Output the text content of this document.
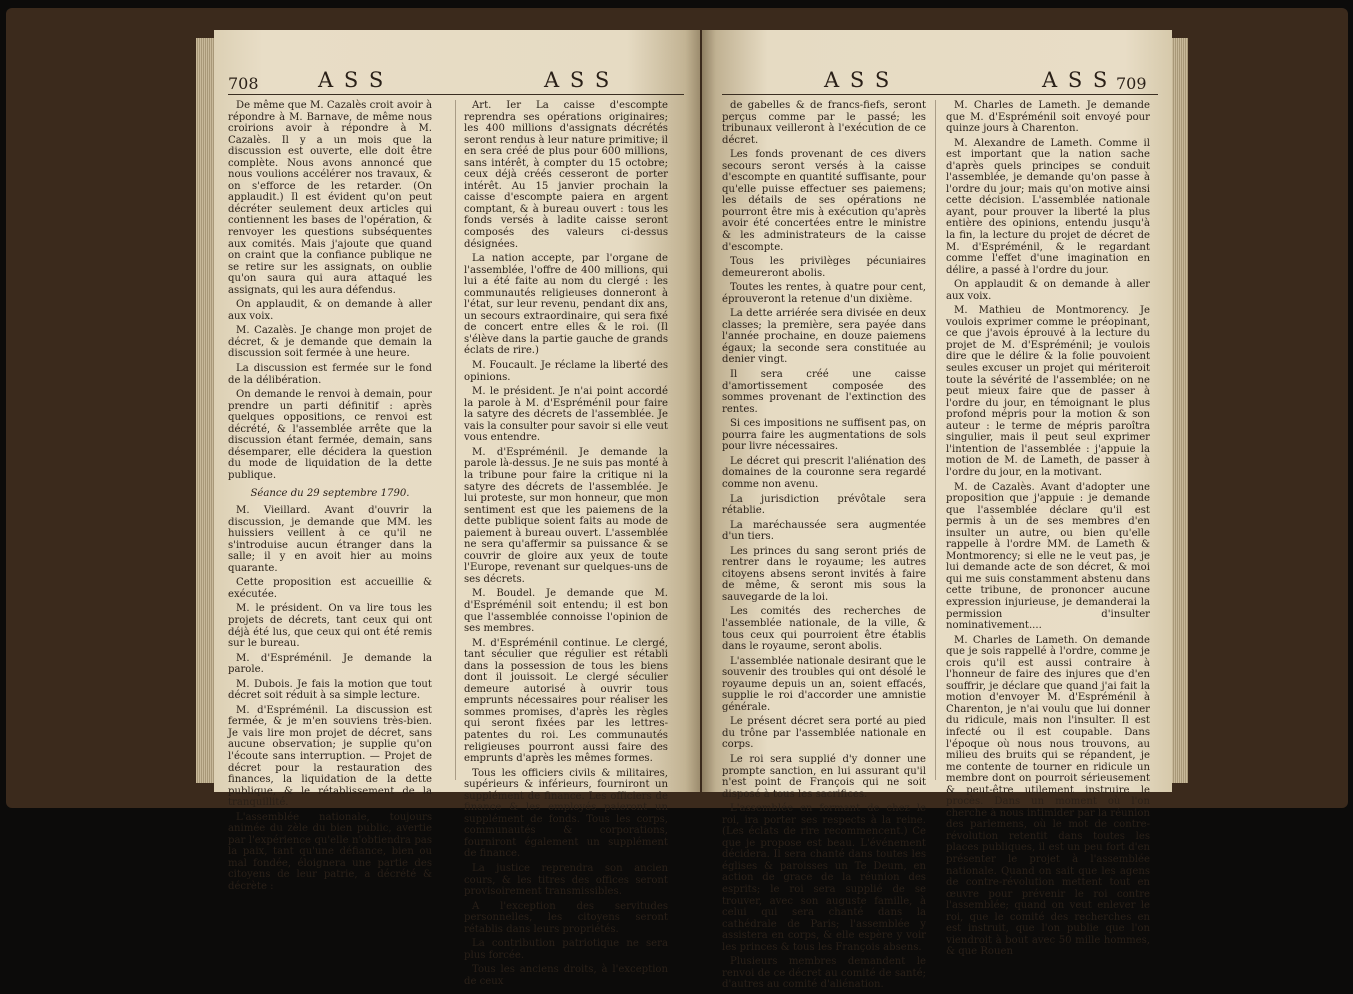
708	A S S	A S S

De même que M. Cazalès croit avoir à répondre à M. Barnave, de même nous croirions avoir à répondre à M. Cazalès. Il y a un mois que la discussion est ouverte, elle doit être complète. Nous avons annoncé que nous voulions accélérer nos travaux, & on s'efforce de les retarder. (On applaudit.) Il est évident qu'on peut décréter seulement deux articles qui contiennent les bases de l'opération, & renvoyer les questions subséquentes aux comités. Mais j'ajoute que quand on craint que la confiance publique ne se retire sur les assignats, on oublie qu'on saura qui aura attaqué les assignats, qui les aura défendus.

On applaudit, & on demande à aller aux voix.

M. Cazalès. Je change mon projet de décret, & je demande que demain la discussion soit fermée à une heure.

La discussion est fermée sur le fond de la délibération.

On demande le renvoi à demain, pour prendre un parti définitif : après quelques oppositions, ce renvoi est décrété, & l'assemblée arrête que la discussion étant fermée, demain, sans désemparer, elle décidera la question du mode de liquidation de la dette publique.

Séance du 29 septembre 1790.

M. Vieillard. Avant d'ouvrir la discussion, je demande que MM. les huissiers veillent à ce qu'il ne s'introduise aucun étranger dans la salle; il y en avoit hier au moins quarante.

Cette proposition est accueillie & exécutée.

M. le président. On va lire tous les projets de décrets, tant ceux qui ont déjà été lus, que ceux qui ont été remis sur le bureau.

M. d'Espréménil. Je demande la parole.

M. Dubois. Je fais la motion que tout décret soit réduit à sa simple lecture.

M. d'Espréménil. La discussion est fermée, & je m'en souviens très-bien. Je vais lire mon projet de décret, sans aucune observation; je supplie qu'on l'écoute sans interruption. — Projet de décret pour la restauration des finances, la liquidation de la dette publique, & le rétablissement de la tranquillité.

L'assemblée nationale, toujours animée du zèle du bien public, avertie par l'expérience qu'elle n'obtiendra pas la paix, tant qu'une défiance, bien ou mal fondée, éloignera une partie des citoyens de leur patrie, a décrété & décrète :

Art. Ier La caisse d'escompte reprendra ses opérations originaires; les 400 millions d'assignats décrétés seront rendus à leur nature primitive; il en sera créé de plus pour 600 millions, sans intérêt, à compter du 15 octobre; ceux déjà créés cesseront de porter intérêt. Au 15 janvier prochain la caisse d'escompte paiera en argent comptant, & à bureau ouvert : tous les fonds versés à ladite caisse seront composés des valeurs ci-dessus désignées.

La nation accepte, par l'organe de l'assemblée, l'offre de 400 millions, qui lui a été faite au nom du clergé : les communautés religieuses donneront à l'état, sur leur revenu, pendant dix ans, un secours extraordinaire, qui sera fixé de concert entre elles & le roi. (Il s'élève dans la partie gauche de grands éclats de rire.)

M. Foucault. Je réclame la liberté des opinions.

M. le président. Je n'ai point accordé la parole à M. d'Espréménil pour faire la satyre des décrets de l'assemblée. Je vais la consulter pour savoir si elle veut vous entendre.

M. d'Espréménil. Je demande la parole là-dessus. Je ne suis pas monté à la tribune pour faire la critique ni la satyre des décrets de l'assemblée. Je lui proteste, sur mon honneur, que mon sentiment est que les paiemens de la dette publique soient faits au mode de paiement à bureau ouvert. L'assemblée ne sera qu'affermir sa puissance & se couvrir de gloire aux yeux de toute l'Europe, revenant sur quelques-uns de ses décrets.

M. Boudel. Je demande que M. d'Espréménil soit entendu; il est bon que l'assemblée connoisse l'opinion de ses membres.

M. d'Espréménil continue. Le clergé, tant séculier que régulier est rétabli dans la possession de tous les biens dont il jouissoit. Le clergé séculier demeure autorisé à ouvrir tous emprunts nécessaires pour réaliser les sommes promises, d'après les règles qui seront fixées par les lettres-patentes du roi. Les communautés religieuses pourront aussi faire des emprunts d'après les mêmes formes.

Tous les officiers civils & militaires, supérieurs & inférieurs, fourniront un supplément de finance. Les officiers de finance & les employés paieront un supplément de fonds. Tous les corps, communautés & corporations, fourniront également un supplément de finance.

La justice reprendra son ancien cours, & les titres des offices seront provisoirement transmissibles.

A l'exception des servitudes personnelles, les citoyens seront rétablis dans leurs propriétés.

La contribution patriotique ne sera plus forcée.

Tous les anciens droits, à l'exception de ceux

A S S	A S S 709

de gabelles & de francs-fiefs, seront perçus comme par le passé; les tribunaux veilleront à l'exécution de ce décret.

Les fonds provenant de ces divers secours seront versés à la caisse d'escompte en quantité suffisante, pour qu'elle puisse effectuer ses paiemens; les détails de ses opérations ne pourront être mis à exécution qu'après avoir été concertées entre le ministre & les administrateurs de la caisse d'escompte.

Tous les privilèges pécuniaires demeureront abolis.

Toutes les rentes, à quatre pour cent, éprouveront la retenue d'un dixième.

La dette arriérée sera divisée en deux classes; la première, sera payée dans l'année prochaine, en douze paiemens égaux; la seconde sera constituée au denier vingt.

Il sera créé une caisse d'amortissement composée des sommes provenant de l'extinction des rentes.

Si ces impositions ne suffisent pas, on pourra faire les augmentations de sols pour livre nécessaires.

Le décret qui prescrit l'aliénation des domaines de la couronne sera regardé comme non avenu.

La jurisdiction prévôtale sera rétablie.

La maréchaussée sera augmentée d'un tiers.

Les princes du sang seront priés de rentrer dans le royaume; les autres citoyens absens seront invités à faire de même, & seront mis sous la sauvegarde de la loi.

Les comités des recherches de l'assemblée nationale, de la ville, & tous ceux qui pourroient être établis dans le royaume, seront abolis.

L'assemblée nationale desirant que le souvenir des troubles qui ont désolé le royaume depuis un an, soient effacés, supplie le roi d'accorder une amnistie générale.

Le présent décret sera porté au pied du trône par l'assemblée nationale en corps.

Le roi sera supplié d'y donner une prompte sanction, en lui assurant qu'il n'est point de François qui ne soit disposé à tous les sacrifices.

L'assemblée en formant de chez le roi, ira porter ses respects à la reine. (Les éclats de rire recommencent.) Ce que je propose est beau. L'événement décidera. Il sera chanté dans toutes les églises & paroisses un Te Deum, en action de grace de la réunion des esprits; le roi sera supplié de se trouver, avec son auguste famille, à celui qui sera chanté dans la cathédrale de Paris; l'assemblée y assistera en corps, & elle espère y voir les princes & tous les François absens.

Plusieurs membres demandent le renvoi de ce décret au comité de santé; d'autres au comité d'aliénation.

M. Charles de Lameth. Je demande que M. d'Espréménil soit envoyé pour quinze jours à Charenton.

M. Alexandre de Lameth. Comme il est important que la nation sache d'après quels principes se conduit l'assemblée, je demande qu'on passe à l'ordre du jour; mais qu'on motive ainsi cette décision. L'assemblée nationale ayant, pour prouver la liberté la plus entière des opinions, entendu jusqu'à la fin, la lecture du projet de décret de M. d'Espréménil, & le regardant comme l'effet d'une imagination en délire, a passé à l'ordre du jour.

On applaudit & on demande à aller aux voix.

M. Mathieu de Montmorency. Je voulois exprimer comme le préopinant, ce que j'avois éprouvé à la lecture du projet de M. d'Espréménil; je voulois dire que le délire & la folie pouvoient seules excuser un projet qui mériteroit toute la sévérité de l'assemblée; on ne peut mieux faire que de passer à l'ordre du jour, en témoignant le plus profond mépris pour la motion & son auteur : le terme de mépris paroîtra singulier, mais il peut seul exprimer l'intention de l'assemblée : j'appuie la motion de M. de Lameth, de passer à l'ordre du jour, en la motivant.

M. de Cazalès. Avant d'adopter une proposition que j'appuie : je demande que l'assemblée déclare qu'il est permis à un de ses membres d'en insulter un autre, ou bien qu'elle rappelle à l'ordre MM. de Lameth & Montmorency; si elle ne le veut pas, je lui demande acte de son décret, & moi qui me suis constamment abstenu dans cette tribune, de prononcer aucune expression injurieuse, je demanderai la permission d'insulter nominativement....

M. Charles de Lameth. On demande que je sois rappellé à l'ordre, comme je crois qu'il est aussi contraire à l'honneur de faire des injures que d'en souffrir, je déclare que quand j'ai fait la motion d'envoyer M. d'Espréménil à Charenton, je n'ai voulu que lui donner du ridicule, mais non l'insulter. Il est infecté ou il est coupable. Dans l'époque où nous nous trouvons, au milieu des bruits qui se répandent, je me contente de tourner en ridicule un membre dont on pourroit sérieusement & peut-être utilement instruire le procès. Dans un moment où l'on cherche à nous intimider par la réunion des parlemens, où le mot de contre-révolution retentit dans toutes les places publiques, il est un peu fort d'en présenter le projet à l'assemblée nationale. Quand on sait que les agens de contre-révolution mettent tout en œuvre pour prévenir le roi contre l'assemblée; quand on veut enlever le roi, que le comité des recherches en est instruit, que l'on publie que l'on viendroit à bout avec 50 mille hommes, & que Rouen
